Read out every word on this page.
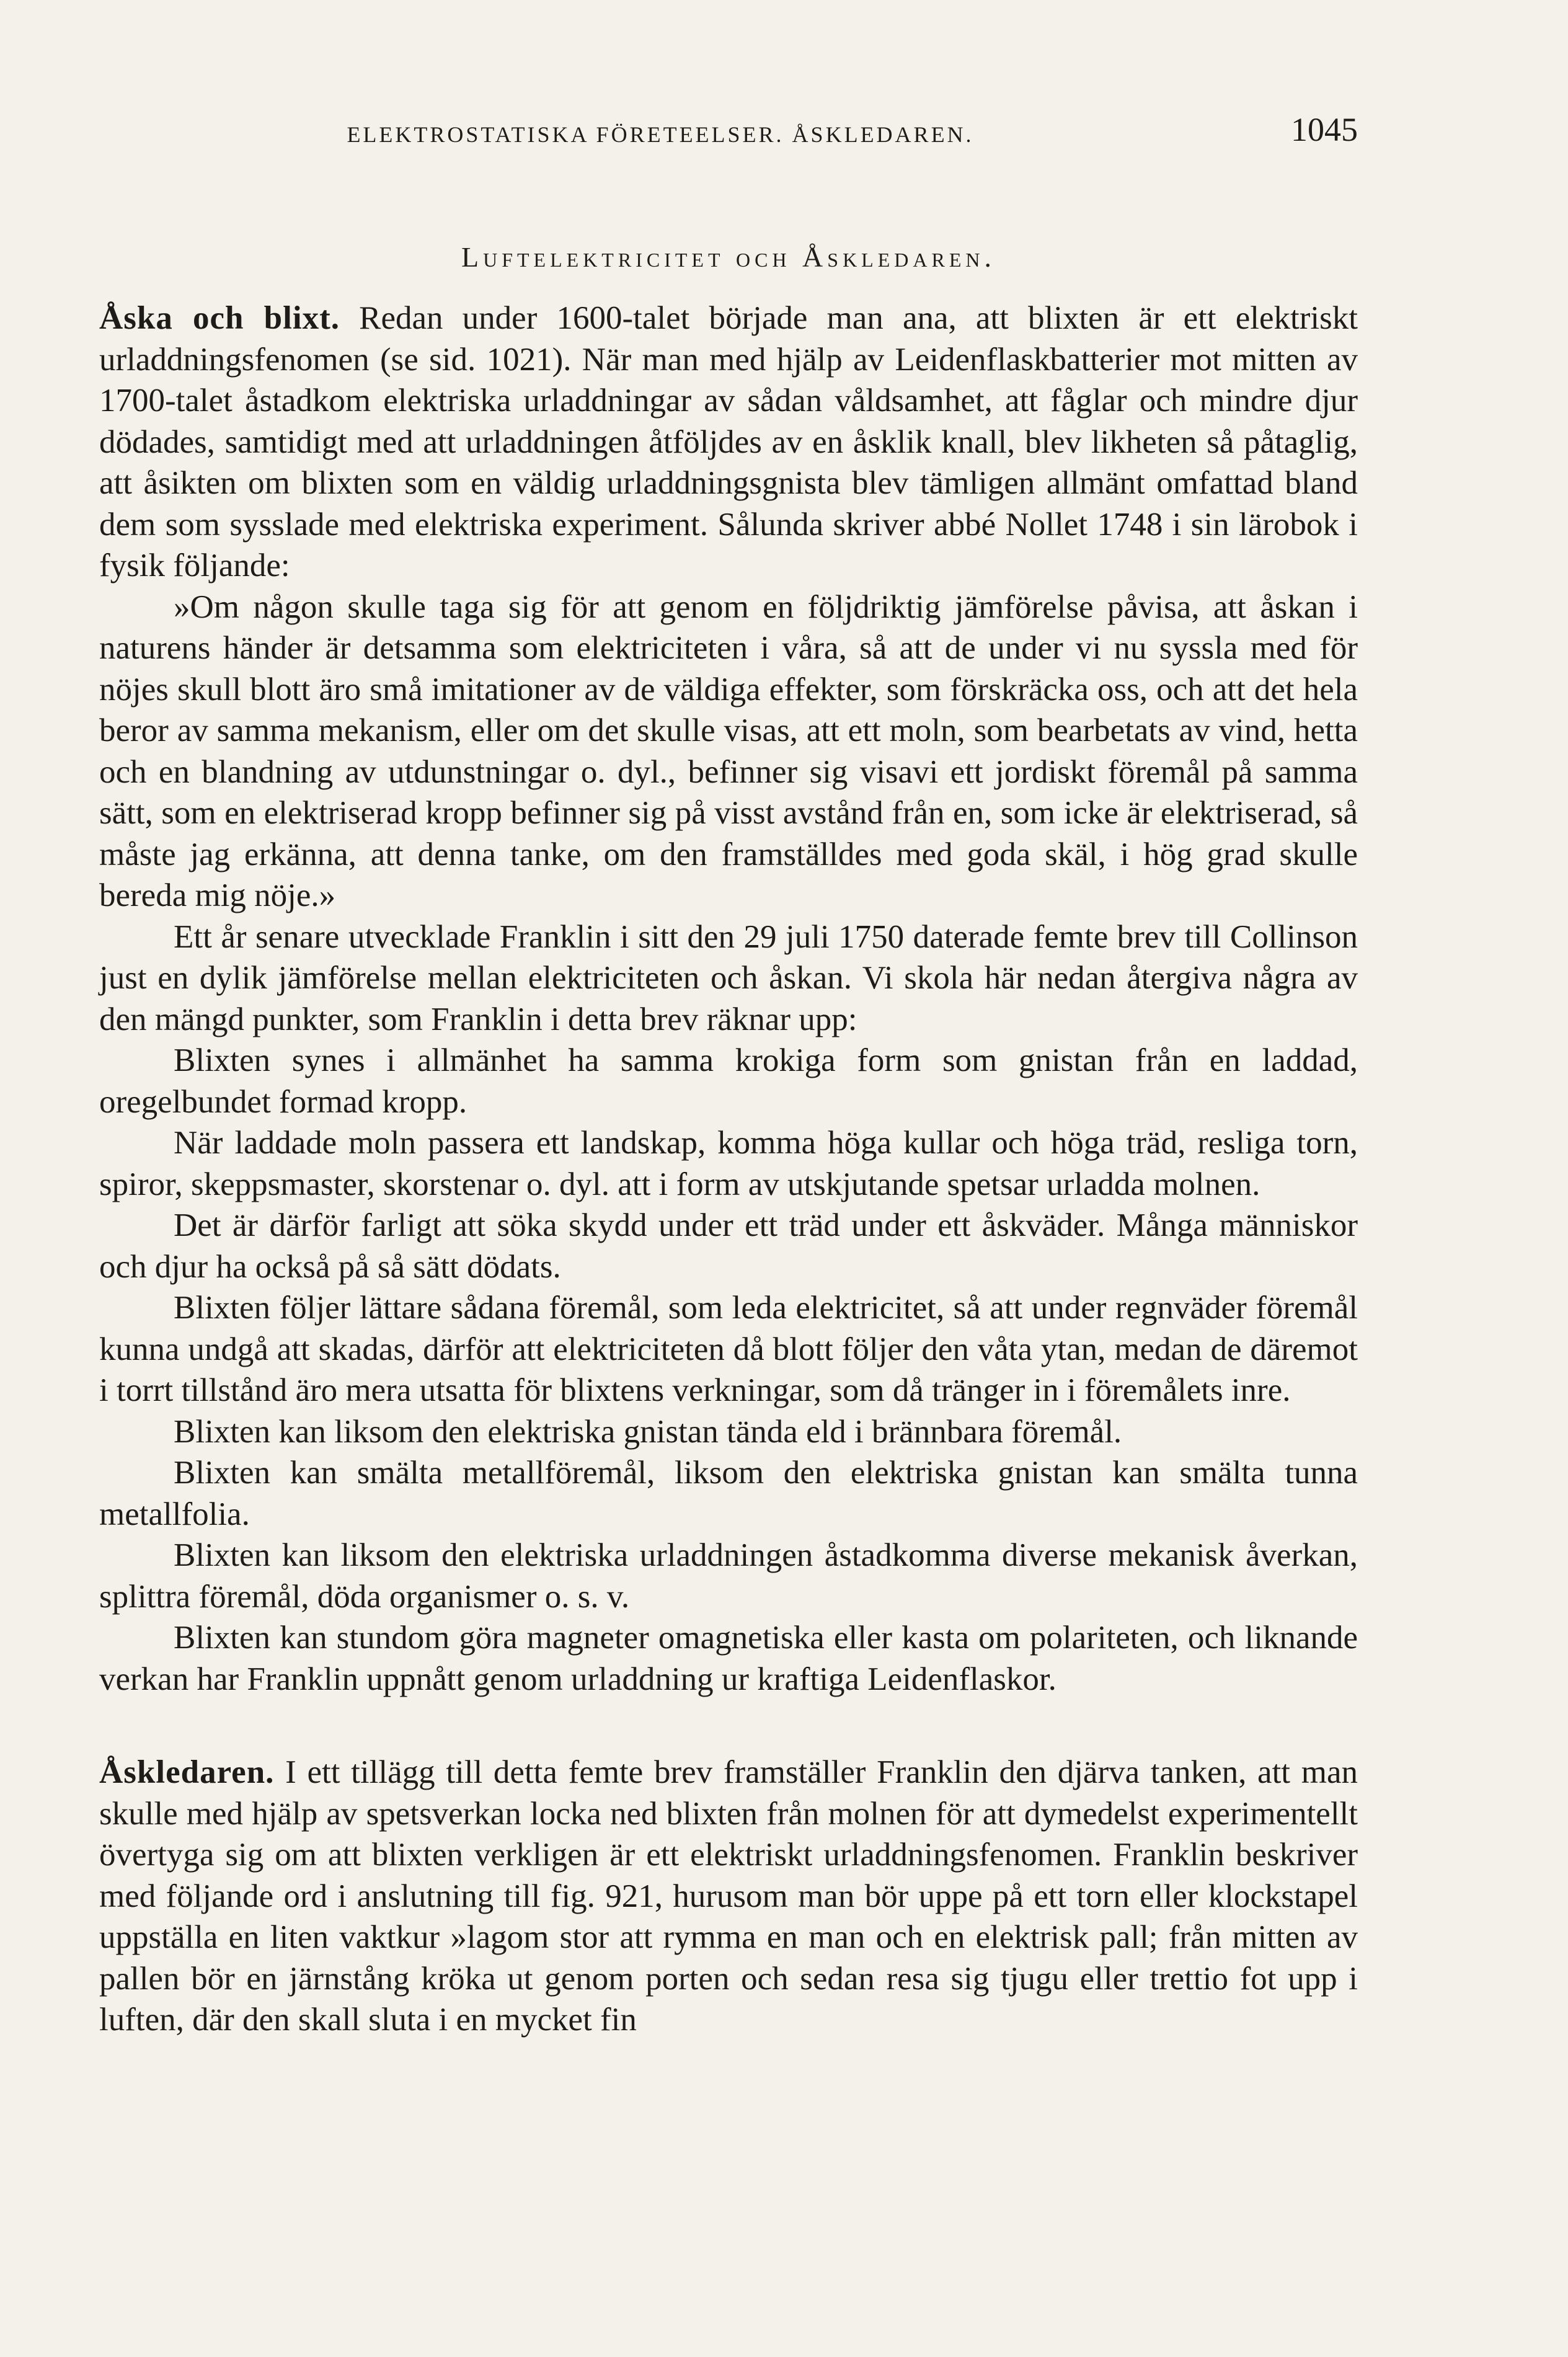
ELEKTROSTATISKA FÖRETEELSER. ÅSKLEDAREN.	1045
Luftelektricitet och Åskledaren.

Åska och blixt. Redan under 1600-talet började man ana, att blixten är ett elektriskt urladdningsfenomen (se sid. 1021). När man med hjälp av Leidenflaskbatterier mot mitten av 1700-talet åstadkom elektriska urladdningar av sådan våldsamhet, att fåglar och mindre djur dödades, samtidigt med att urladdningen åtföljdes av en åsklik knall, blev likheten så påtaglig, att åsikten om blixten som en väldig urladdningsgnista blev tämligen allmänt omfattad bland dem som sysslade med elektriska experiment. Sålunda skriver abbé Nollet 1748 i sin lärobok i fysik följande:

»Om någon skulle taga sig för att genom en följdriktig jämförelse påvisa, att åskan i naturens händer är detsamma som elektriciteten i våra, så att de under vi nu syssla med för nöjes skull blott äro små imitationer av de väldiga effekter, som förskräcka oss, och att det hela beror av samma mekanism, eller om det skulle visas, att ett moln, som bearbetats av vind, hetta och en blandning av utdunstningar o. dyl., befinner sig visavi ett jordiskt föremål på samma sätt, som en elektriserad kropp befinner sig på visst avstånd från en, som icke är elektriserad, så måste jag erkänna, att denna tanke, om den framställdes med goda skäl, i hög grad skulle bereda mig nöje.»

Ett år senare utvecklade Franklin i sitt den 29 juli 1750 daterade femte brev till Collinson just en dylik jämförelse mellan elektriciteten och åskan. Vi skola här nedan återgiva några av den mängd punkter, som Franklin i detta brev räknar upp:

Blixten synes i allmänhet ha samma krokiga form som gnistan från en laddad, oregelbundet formad kropp.

När laddade moln passera ett landskap, komma höga kullar och höga träd, resliga torn, spiror, skeppsmaster, skorstenar o. dyl. att i form av utskjutande spetsar urladda molnen.

Det är därför farligt att söka skydd under ett träd under ett åskväder. Många människor och djur ha också på så sätt dödats.

Blixten följer lättare sådana föremål, som leda elektricitet, så att under regnväder föremål kunna undgå att skadas, därför att elektriciteten då blott följer den våta ytan, medan de däremot i torrt tillstånd äro mera utsatta för blixtens verkningar, som då tränger in i föremålets inre.

Blixten kan liksom den elektriska gnistan tända eld i brännbara föremål.

Blixten kan smälta metallföremål, liksom den elektriska gnistan kan smälta tunna metallfolia.

Blixten kan liksom den elektriska urladdningen åstadkomma diverse mekanisk åverkan, splittra föremål, döda organismer o. s. v.

Blixten kan stundom göra magneter omagnetiska eller kasta om polariteten, och liknande verkan har Franklin uppnått genom urladdning ur kraftiga Leidenflaskor.

Åskledaren. I ett tillägg till detta femte brev framställer Franklin den djärva tanken, att man skulle med hjälp av spetsverkan locka ned blixten från molnen för att dymedelst experimentellt övertyga sig om att blixten verkligen är ett elektriskt urladdningsfenomen. Franklin beskriver med följande ord i anslutning till fig. 921, hurusom man bör uppe på ett torn eller klockstapel uppställa en liten vaktkur »lagom stor att rymma en man och en elektrisk pall; från mitten av pallen bör en järnstång kröka ut genom porten och sedan resa sig tjugu eller trettio fot upp i luften, där den skall sluta i en mycket fin
